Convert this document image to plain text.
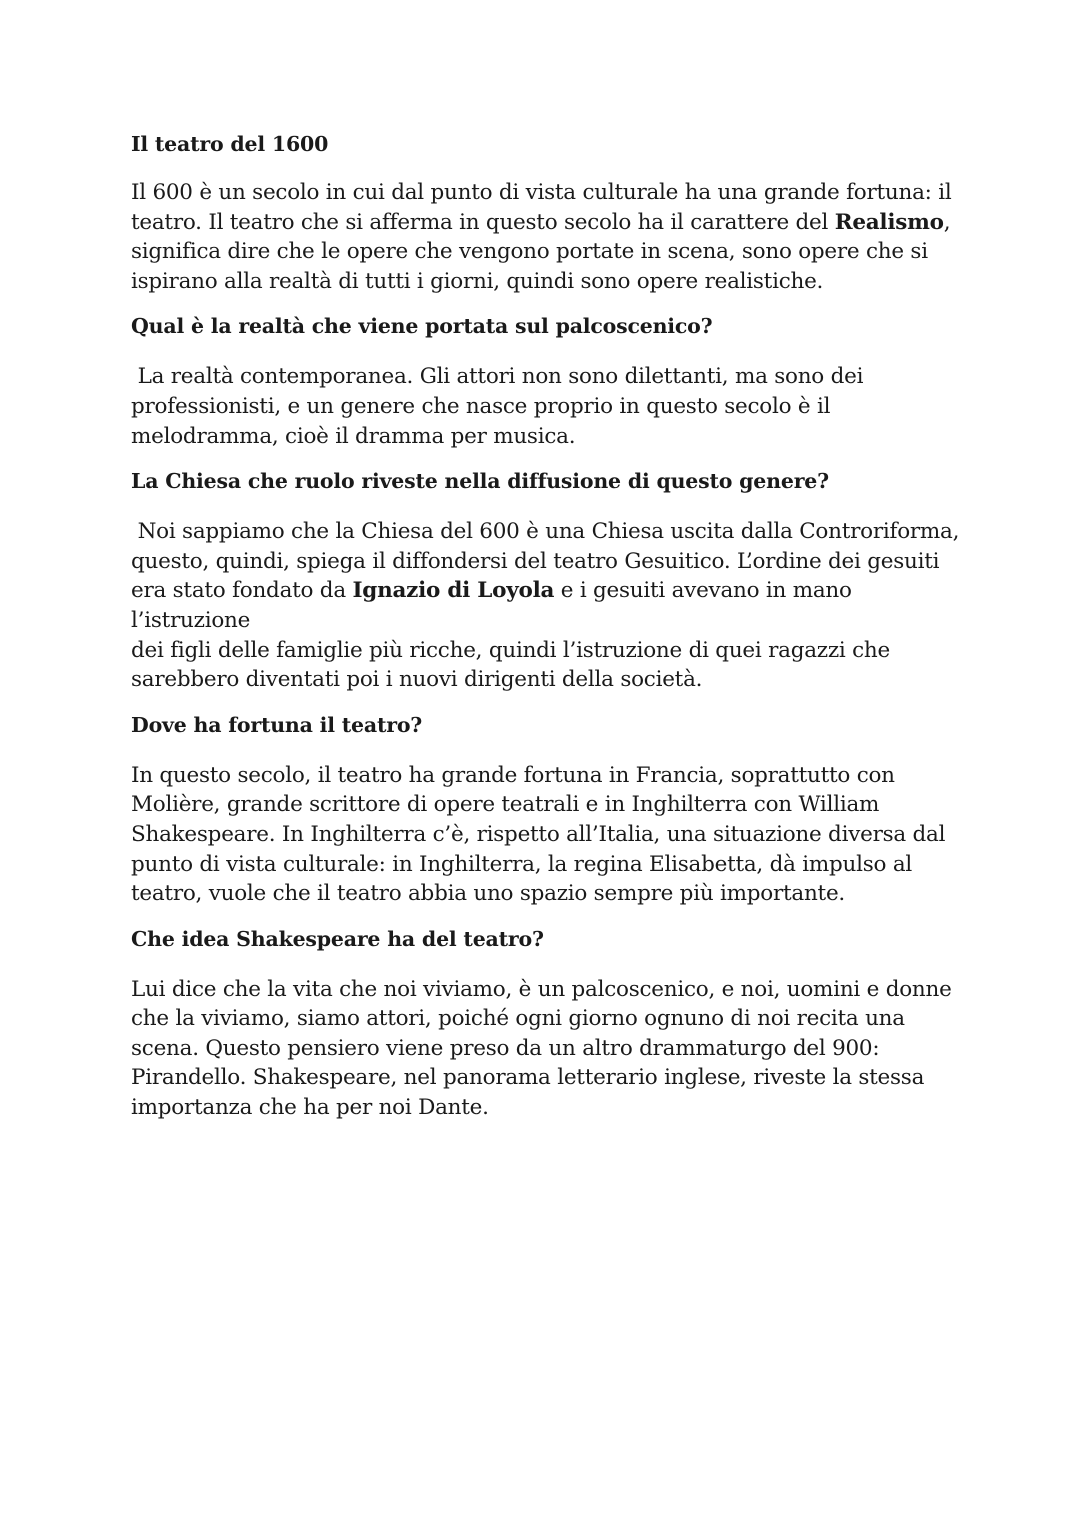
Il teatro del 1600
Il 600 è un secolo in cui dal punto di vista culturale ha una grande fortuna: il
teatro. Il teatro che si afferma in questo secolo ha il carattere del Realismo,
significa dire che le opere che vengono portate in scena, sono opere che si
ispirano alla realtà di tutti i giorni, quindi sono opere realistiche.
Qual è la realtà che viene portata sul palcoscenico?
La realtà contemporanea. Gli attori non sono dilettanti, ma sono dei
professionisti, e un genere che nasce proprio in questo secolo è il
melodramma, cioè il dramma per musica.
La Chiesa che ruolo riveste nella diffusione di questo genere?
Noi sappiamo che la Chiesa del 600 è una Chiesa uscita dalla Controriforma,
questo, quindi, spiega il diffondersi del teatro Gesuitico. L’ordine dei gesuiti
era stato fondato da Ignazio di Loyola e i gesuiti avevano in mano l’istruzione
dei figli delle famiglie più ricche, quindi l’istruzione di quei ragazzi che
sarebbero diventati poi i nuovi dirigenti della società.
Dove ha fortuna il teatro?
In questo secolo, il teatro ha grande fortuna in Francia, soprattutto con
Molière, grande scrittore di opere teatrali e in Inghilterra con William
Shakespeare. In Inghilterra c’è, rispetto all’Italia, una situazione diversa dal
punto di vista culturale: in Inghilterra, la regina Elisabetta, dà impulso al
teatro, vuole che il teatro abbia uno spazio sempre più importante.
Che idea Shakespeare ha del teatro?
Lui dice che la vita che noi viviamo, è un palcoscenico, e noi, uomini e donne
che la viviamo, siamo attori, poiché ogni giorno ognuno di noi recita una
scena. Questo pensiero viene preso da un altro drammaturgo del 900:
Pirandello. Shakespeare, nel panorama letterario inglese, riveste la stessa
importanza che ha per noi Dante.
